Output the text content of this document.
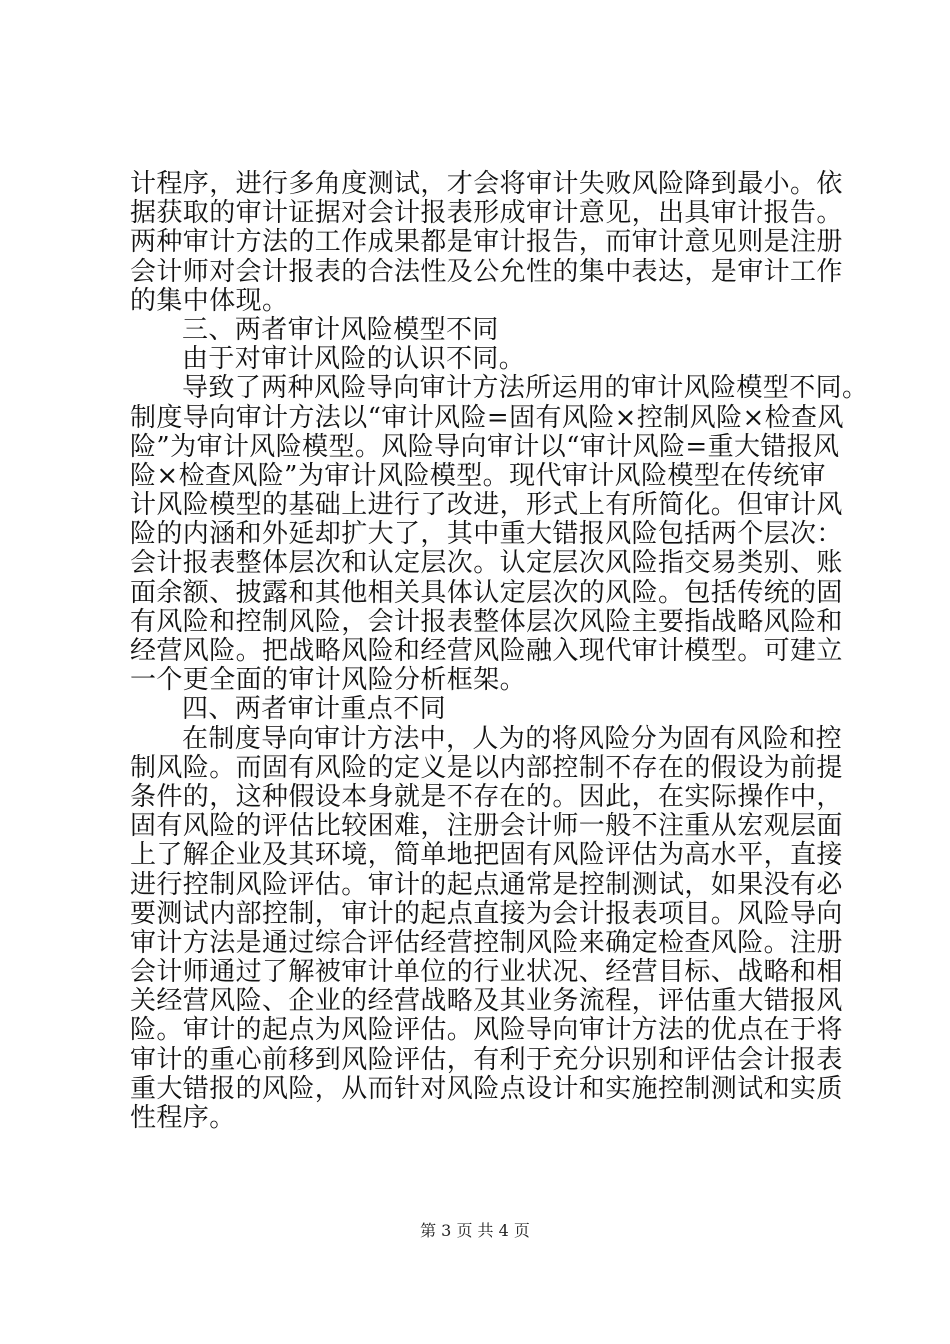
计程序，进行多角度测试，才会将审计失败风险降到最小。依
据获取的审计证据对会计报表形成审计意见，出具审计报告。
两种审计方法的工作成果都是审计报告，而审计意见则是注册
会计师对会计报表的合法性及公允性的集中表达，是审计工作
的集中体现。
三、两者审计风险模型不同
由于对审计风险的认识不同。
导致了两种风险导向审计方法所运用的审计风险模型不同。
制度导向审计方法以“审计风险=固有风险×控制风险×检查风
险”为审计风险模型。风险导向审计以“审计风险=重大错报风
险×检查风险”为审计风险模型。现代审计风险模型在传统审
计风险模型的基础上进行了改进，形式上有所简化。但审计风
险的内涵和外延却扩大了，其中重大错报风险包括两个层次：
会计报表整体层次和认定层次。认定层次风险指交易类别、账
面余额、披露和其他相关具体认定层次的风险。包括传统的固
有风险和控制风险，会计报表整体层次风险主要指战略风险和
经营风险。把战略风险和经营风险融入现代审计模型。可建立
一个更全面的审计风险分析框架。
四、两者审计重点不同
在制度导向审计方法中，人为的将风险分为固有风险和控
制风险。而固有风险的定义是以内部控制不存在的假设为前提
条件的，这种假设本身就是不存在的。因此，在实际操作中，
固有风险的评估比较困难，注册会计师一般不注重从宏观层面
上了解企业及其环境，简单地把固有风险评估为高水平，直接
进行控制风险评估。审计的起点通常是控制测试，如果没有必
要测试内部控制，审计的起点直接为会计报表项目。风险导向
审计方法是通过综合评估经营控制风险来确定检查风险。注册
会计师通过了解被审计单位的行业状况、经营目标、战略和相
关经营风险、企业的经营战略及其业务流程，评估重大错报风
险。审计的起点为风险评估。风险导向审计方法的优点在于将
审计的重心前移到风险评估，有利于充分识别和评估会计报表
重大错报的风险，从而针对风险点设计和实施控制测试和实质
性程序。
第 3 页 共 4 页
